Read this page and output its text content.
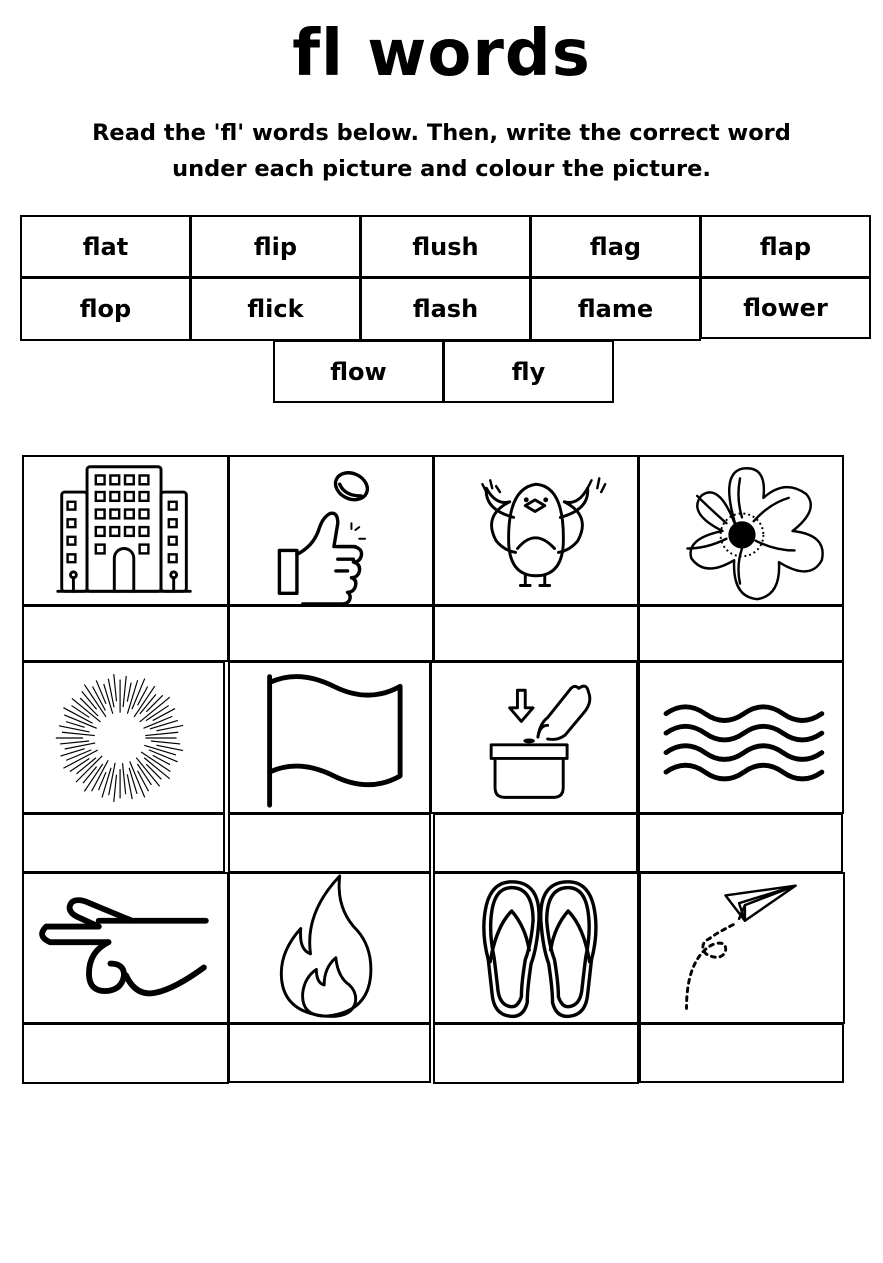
fl words

Read the 'fl' words below. Then, write the correct word
under each picture and colour the picture.

flat	flip	flush	flag	flap
flop	flick	flash	flame	flower
flow	fly
